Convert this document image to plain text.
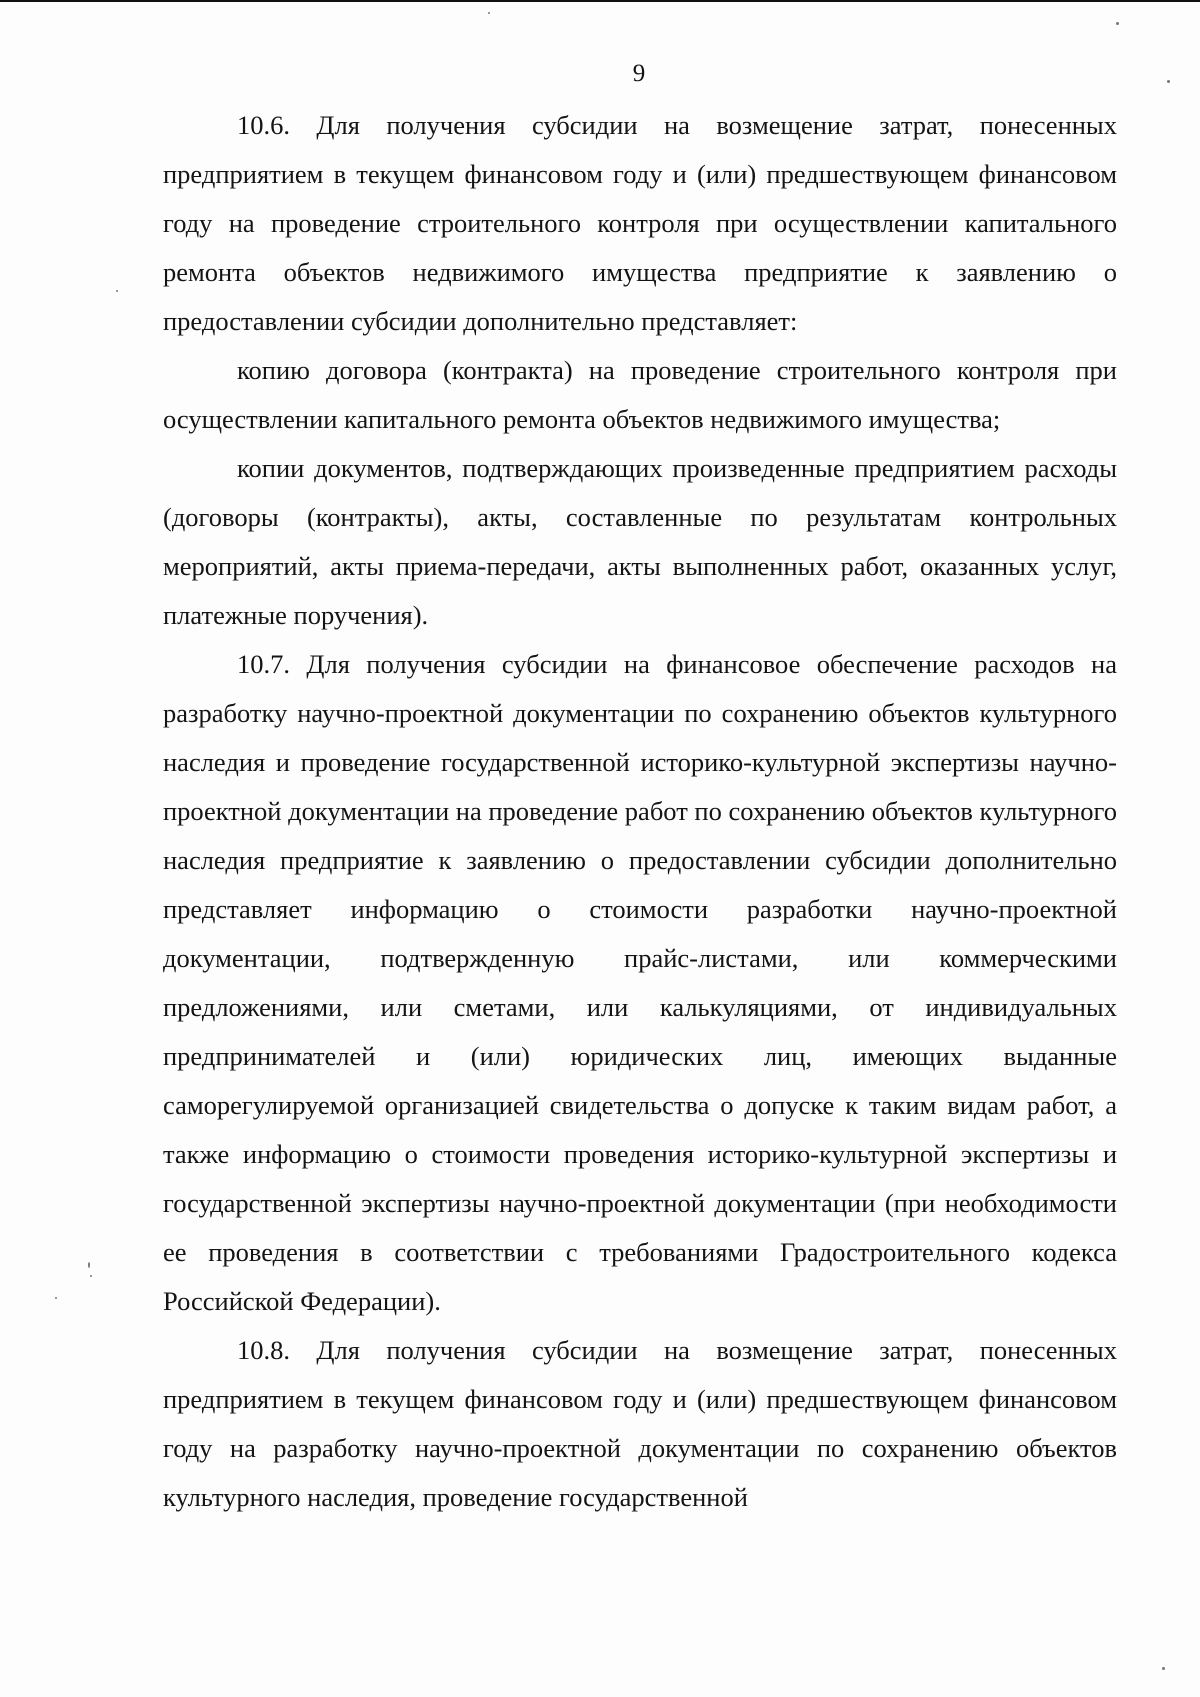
9

10.6. Для получения субсидии на возмещение затрат, понесенных предприятием в текущем финансовом году и (или) предшествующем финансовом году на проведение строительного контроля при осуществлении капитального ремонта объектов недвижимого имущества предприятие к заявлению о предоставлении субсидии дополнительно представляет:

копию договора (контракта) на проведение строительного контроля при осуществлении капитального ремонта объектов недвижимого имущества;

копии документов, подтверждающих произведенные предприятием расходы (договоры (контракты), акты, составленные по результатам контрольных мероприятий, акты приема-передачи, акты выполненных работ, оказанных услуг, платежные поручения).

10.7. Для получения субсидии на финансовое обеспечение расходов на разработку научно-проектной документации по сохранению объектов культурного наследия и проведение государственной историко-культурной экспертизы научно-проектной документации на проведение работ по сохранению объектов культурного наследия предприятие к заявлению о предоставлении субсидии дополнительно представляет информацию о стоимости разработки научно-проектной документации, подтвержденную прайс-листами, или коммерческими предложениями, или сметами, или калькуляциями, от индивидуальных предпринимателей и (или) юридических лиц, имеющих выданные саморегулируемой организацией свидетельства о допуске к таким видам работ, а также информацию о стоимости проведения историко-культурной экспертизы и государственной экспертизы научно-проектной документации (при необходимости ее проведения в соответствии с требованиями Градостроительного кодекса Российской Федерации).

10.8. Для получения субсидии на возмещение затрат, понесенных предприятием в текущем финансовом году и (или) предшествующем финансовом году на разработку научно-проектной документации по сохранению объектов культурного наследия, проведение государственной
